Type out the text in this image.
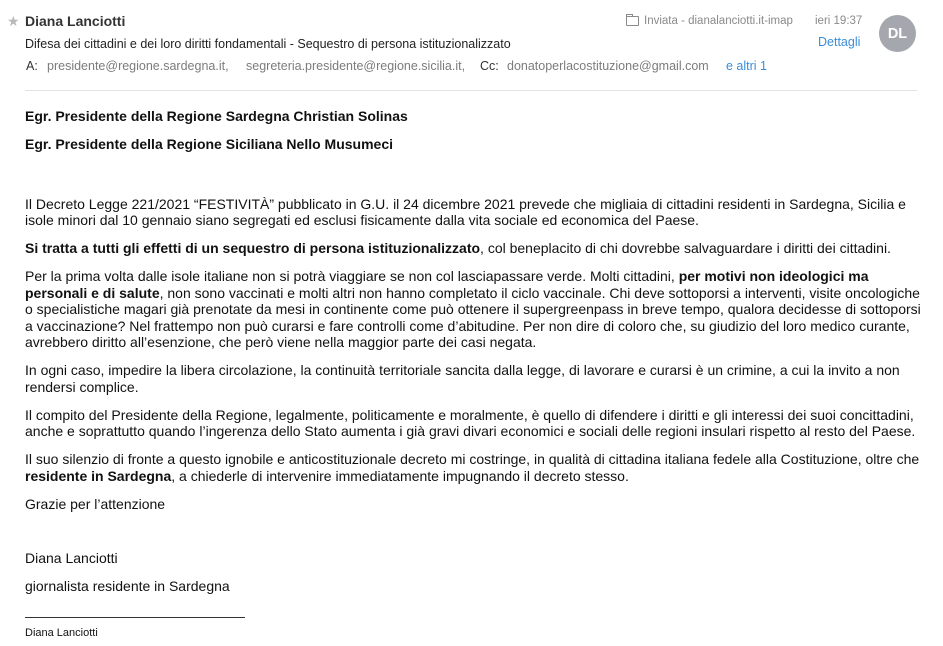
★ Diana Lanciotti
Difesa dei cittadini e dei loro diritti fondamentali - Sequestro di persona istituzionalizzato
Inviata - dianalanciotti.it-imap ieri 19:37
Dettagli
DL
A: presidente@regione.sardegna.it, segreteria.presidente@regione.sicilia.it, Cc: donatoperlacostituzione@gmail.com e altri 1

Egr. Presidente della Regione Sardegna Christian Solinas

Egr. Presidente della Regione Siciliana Nello Musumeci

Il Decreto Legge 221/2021 “FESTIVITÀ” pubblicato in G.U. il 24 dicembre 2021 prevede che migliaia di cittadini residenti in Sardegna, Sicilia e isole minori dal 10 gennaio siano segregati ed esclusi fisicamente dalla vita sociale ed economica del Paese.

Si tratta a tutti gli effetti di un sequestro di persona istituzionalizzato, col beneplacito di chi dovrebbe salvaguardare i diritti dei cittadini.

Per la prima volta dalle isole italiane non si potrà viaggiare se non col lasciapassare verde. Molti cittadini, per motivi non ideologici ma personali e di salute, non sono vaccinati e molti altri non hanno completato il ciclo vaccinale. Chi deve sottoporsi a interventi, visite oncologiche o specialistiche magari già prenotate da mesi in continente come può ottenere il supergreenpass in breve tempo, qualora decidesse di sottoporsi a vaccinazione? Nel frattempo non può curarsi e fare controlli come d’abitudine. Per non dire di coloro che, su giudizio del loro medico curante, avrebbero diritto all’esenzione, che però viene nella maggior parte dei casi negata.

In ogni caso, impedire la libera circolazione, la continuità territoriale sancita dalla legge, di lavorare e curarsi è un crimine, a cui la invito a non rendersi complice.

Il compito del Presidente della Regione, legalmente, politicamente e moralmente, è quello di difendere i diritti e gli interessi dei suoi concittadini, anche e soprattutto quando l’ingerenza dello Stato aumenta i già gravi divari economici e sociali delle regioni insulari rispetto al resto del Paese.

Il suo silenzio di fronte a questo ignobile e anticostituzionale decreto mi costringe, in qualità di cittadina italiana fedele alla Costituzione, oltre che residente in Sardegna, a chiederle di intervenire immediatamente impugnando il decreto stesso.

Grazie per l’attenzione

Diana Lanciotti

giornalista residente in Sardegna

Diana Lanciotti
